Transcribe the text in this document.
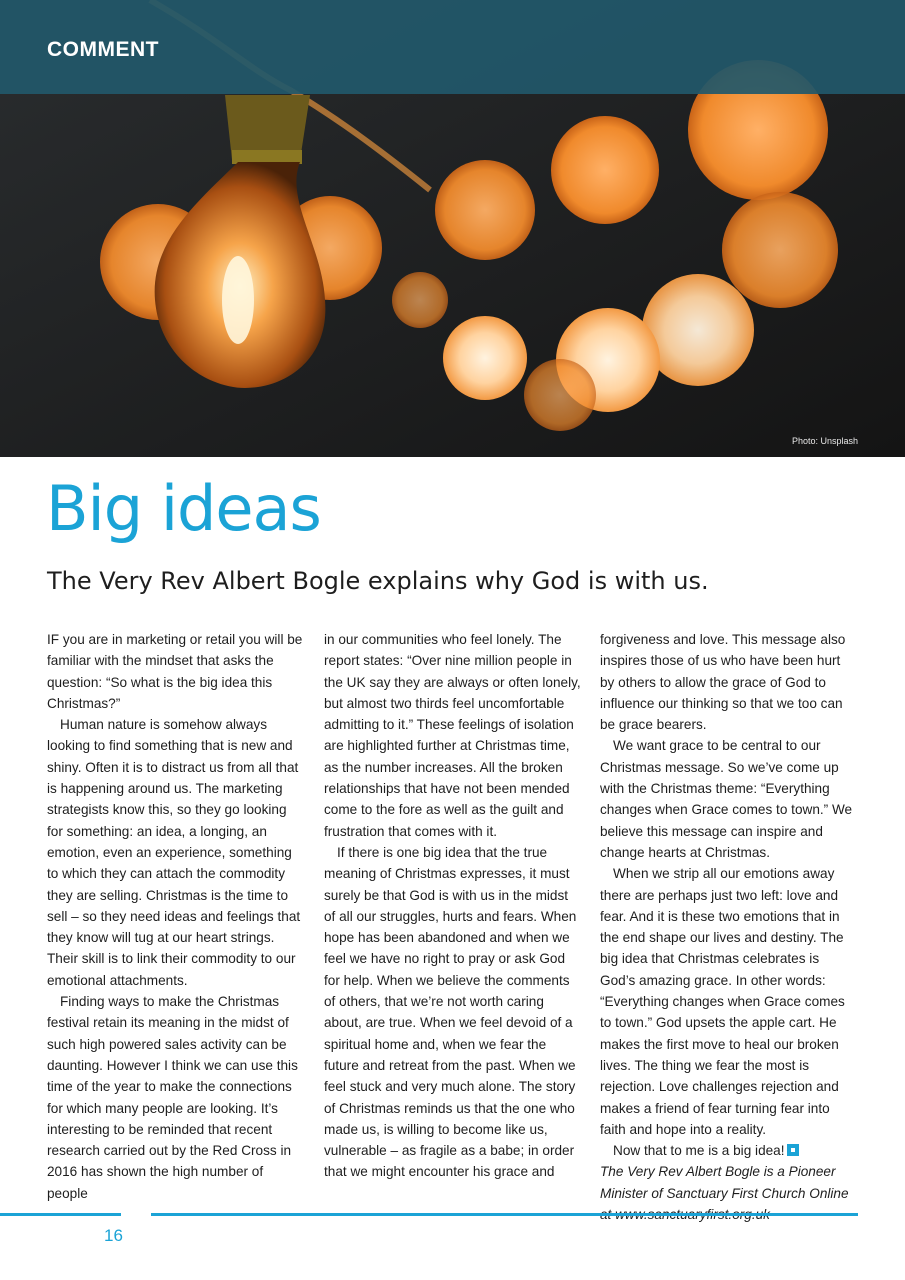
COMMENT
Photo: Unsplash
Big ideas
The Very Rev Albert Bogle explains why God is with us.

IF you are in marketing or retail you will be familiar with the mindset that asks the question: “So what is the big idea this Christmas?”

Human nature is somehow always looking to find something that is new and shiny. Often it is to distract us from all that is happening around us. The marketing strategists know this, so they go looking for something: an idea, a longing, an emotion, even an experience, something to which they can attach the commodity they are selling. Christmas is the time to sell – so they need ideas and feelings that they know will tug at our heart strings. Their skill is to link their commodity to our emotional attachments.

Finding ways to make the Christmas festival retain its meaning in the midst of such high powered sales activity can be daunting. However I think we can use this time of the year to make the connections for which many people are looking. It’s interesting to be reminded that recent research carried out by the Red Cross in 2016 has shown the high number of people

in our communities who feel lonely. The report states: “Over nine million people in the UK say they are always or often lonely, but almost two thirds feel uncomfortable admitting to it.” These feelings of isolation are highlighted further at Christmas time, as the number increases. All the broken relationships that have not been mended come to the fore as well as the guilt and frustration that comes with it.

If there is one big idea that the true meaning of Christmas expresses, it must surely be that God is with us in the midst of all our struggles, hurts and fears. When hope has been abandoned and when we feel we have no right to pray or ask God for help. When we believe the comments of others, that we’re not worth caring about, are true. When we feel devoid of a spiritual home and, when we fear the future and retreat from the past. When we feel stuck and very much alone. The story of Christmas reminds us that the one who made us, is willing to become like us, vulnerable – as fragile as a babe; in order that we might encounter his grace and

forgiveness and love. This message also inspires those of us who have been hurt by others to allow the grace of God to influence our thinking so that we too can be grace bearers.

We want grace to be central to our Christmas message. So we’ve come up with the Christmas theme: “Everything changes when Grace comes to town.” We believe this message can inspire and change hearts at Christmas.

When we strip all our emotions away there are perhaps just two left: love and fear. And it is these two emotions that in the end shape our lives and destiny. The big idea that Christmas celebrates is God’s amazing grace. In other words: “Everything changes when Grace comes to town.” God upsets the apple cart. He makes the first move to heal our broken lives. The thing we fear the most is rejection. Love challenges rejection and makes a friend of fear turning fear into faith and hope into a reality.

Now that to me is a big idea!

The Very Rev Albert Bogle is a Pioneer Minister of Sanctuary First Church Online

16
